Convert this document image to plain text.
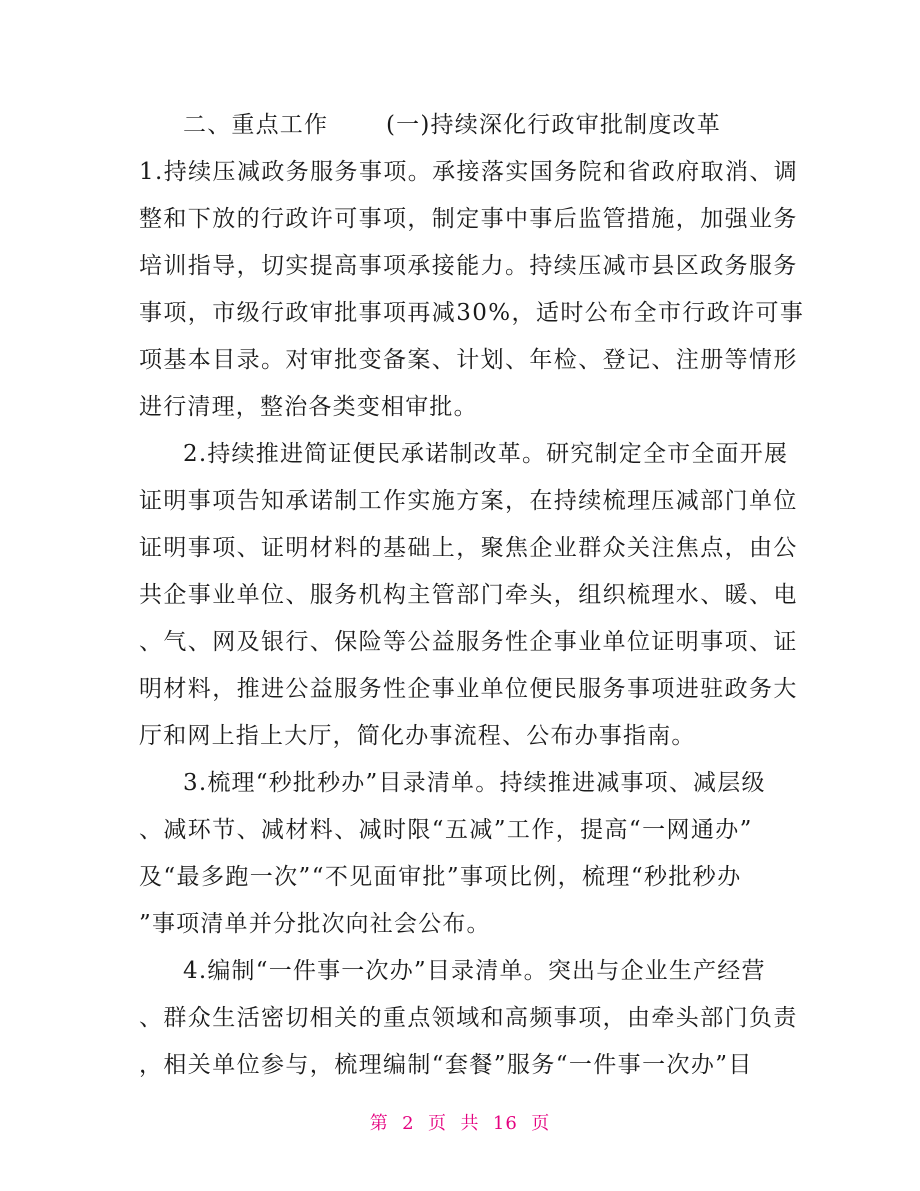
二、重点工作	(一)持续深化行政审批制度改革

1.持续压减政务服务事项。承接落实国务院和省政府取消、调

整和下放的行政许可事项，制定事中事后监管措施，加强业务

培训指导，切实提高事项承接能力。持续压减市县区政务服务

事项，市级行政审批事项再减30%，适时公布全市行政许可事

项基本目录。对审批变备案、计划、年检、登记、注册等情形

进行清理，整治各类变相审批。

2.持续推进简证便民承诺制改革。研究制定全市全面开展

证明事项告知承诺制工作实施方案，在持续梳理压减部门单位

证明事项、证明材料的基础上，聚焦企业群众关注焦点，由公

共企事业单位、服务机构主管部门牵头，组织梳理水、暖、电

、气、网及银行、保险等公益服务性企事业单位证明事项、证

明材料，推进公益服务性企事业单位便民服务事项进驻政务大

厅和网上指上大厅，简化办事流程、公布办事指南。

3.梳理“秒批秒办”目录清单。持续推进减事项、减层级

、减环节、减材料、减时限“五减”工作，提高“一网通办”

及“最多跑一次”“不见面审批”事项比例，梳理“秒批秒办

”事项清单并分批次向社会公布。

4.编制“一件事一次办”目录清单。突出与企业生产经营

、群众生活密切相关的重点领域和高频事项，由牵头部门负责

，相关单位参与，梳理编制“套餐”服务“一件事一次办”目

第  2  页  共  16  页
